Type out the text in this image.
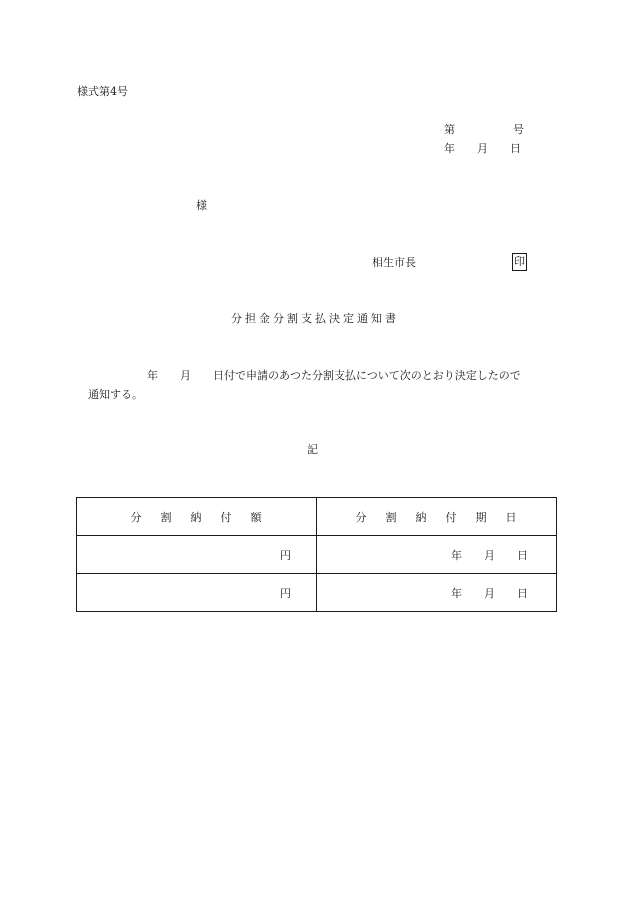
様式第4号
第	号
年 月 日
様
相生市長	印
分担金分割支払決定通知書
年 月 日付で申請のあつた分割支払について次のとおり決定したので
通知する。
記
分 割 納 付 額	分 割 納 付 期 日
円	年 月 日
円	年 月 日
